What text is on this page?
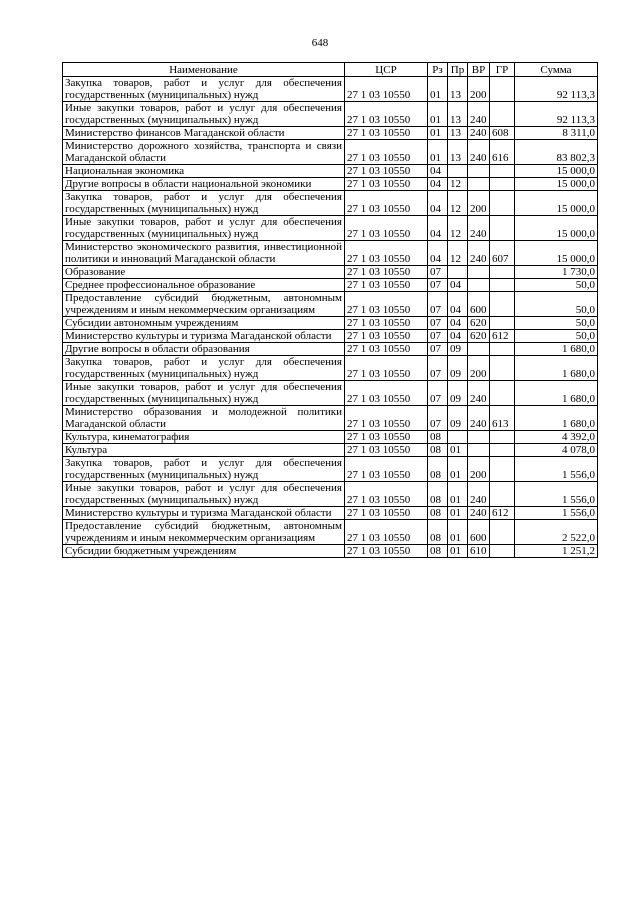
648
Наименование	ЦСР	Рз	Пр	ВР	ГР	Сумма
Закупка товаров, работ и услуг для обеспечения государственных (муниципальных) нужд	27 1 03 10550	01	13	200		92 113,3
Иные закупки товаров, работ и услуг для обеспечения государственных (муниципальных) нужд	27 1 03 10550	01	13	240		92 113,3
Министерство финансов Магаданской области	27 1 03 10550	01	13	240	608	8 311,0
Министерство дорожного хозяйства, транспорта и связи Магаданской области	27 1 03 10550	01	13	240	616	83 802,3
Национальная экономика	27 1 03 10550	04				15 000,0
Другие вопросы в области национальной экономики	27 1 03 10550	04	12			15 000,0
Закупка товаров, работ и услуг для обеспечения государственных (муниципальных) нужд	27 1 03 10550	04	12	200		15 000,0
Иные закупки товаров, работ и услуг для обеспечения государственных (муниципальных) нужд	27 1 03 10550	04	12	240		15 000,0
Министерство экономического развития, инвестиционной политики и инноваций Магаданской области	27 1 03 10550	04	12	240	607	15 000,0
Образование	27 1 03 10550	07				1 730,0
Среднее профессиональное образование	27 1 03 10550	07	04			50,0
Предоставление субсидий бюджетным, автономным учреждениям и иным некоммерческим организациям	27 1 03 10550	07	04	600		50,0
Субсидии автономным учреждениям	27 1 03 10550	07	04	620		50,0
Министерство культуры и туризма Магаданской области	27 1 03 10550	07	04	620	612	50,0
Другие вопросы в области образования	27 1 03 10550	07	09			1 680,0
Закупка товаров, работ и услуг для обеспечения государственных (муниципальных) нужд	27 1 03 10550	07	09	200		1 680,0
Иные закупки товаров, работ и услуг для обеспечения государственных (муниципальных) нужд	27 1 03 10550	07	09	240		1 680,0
Министерство образования и молодежной политики Магаданской области	27 1 03 10550	07	09	240	613	1 680,0
Культура, кинематография	27 1 03 10550	08				4 392,0
Культура	27 1 03 10550	08	01			4 078,0
Закупка товаров, работ и услуг для обеспечения государственных (муниципальных) нужд	27 1 03 10550	08	01	200		1 556,0
Иные закупки товаров, работ и услуг для обеспечения государственных (муниципальных) нужд	27 1 03 10550	08	01	240		1 556,0
Министерство культуры и туризма Магаданской области	27 1 03 10550	08	01	240	612	1 556,0
Предоставление субсидий бюджетным, автономным учреждениям и иным некоммерческим организациям	27 1 03 10550	08	01	600		2 522,0
Субсидии бюджетным учреждениям	27 1 03 10550	08	01	610		1 251,2
